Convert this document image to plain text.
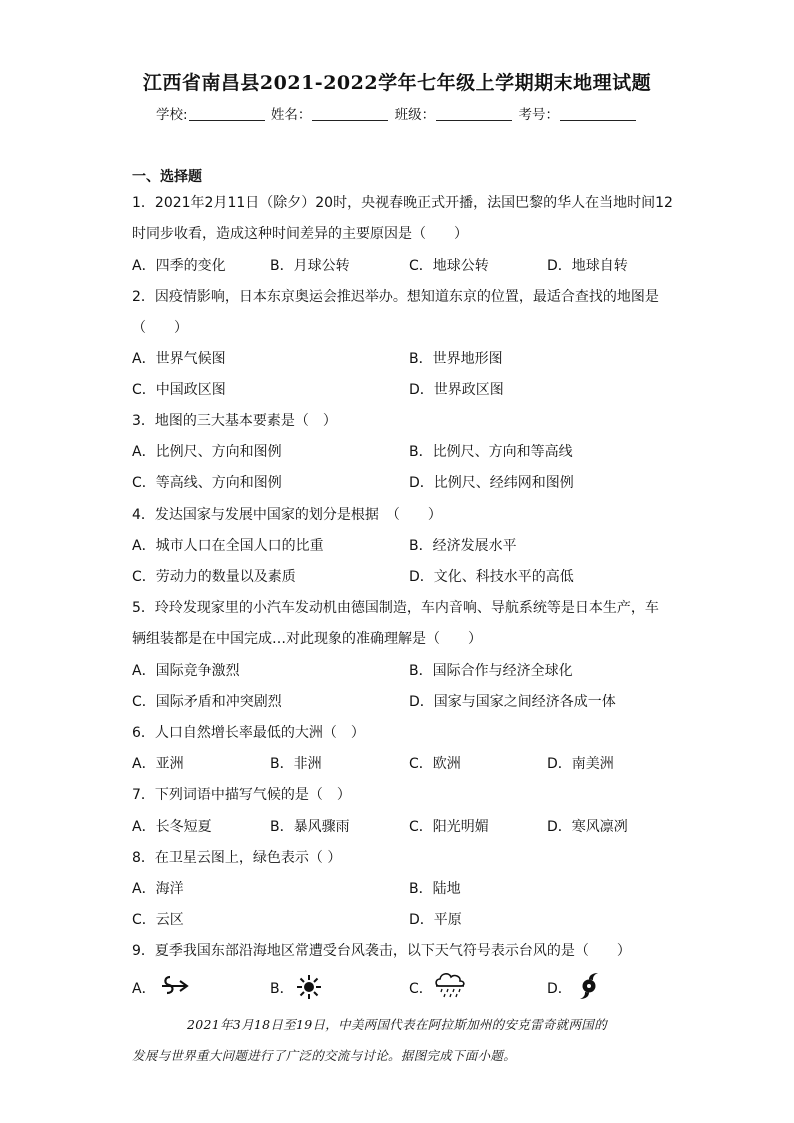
江西省南昌县2021-2022学年七年级上学期期末地理试题
学校:	姓名：	班级：	考号：
一、选择题
1．2021年2月11日（除夕）20时，央视春晚正式开播，法国巴黎的华人在当地时间12
时同步收看，造成这种时间差异的主要原因是（　　）
A．四季的变化	B．月球公转	C．地球公转	D．地球自转
2．因疫情影响，日本东京奥运会推迟举办。想知道东京的位置，最适合查找的地图是
（　　）
A．世界气候图	B．世界地形图
C．中国政区图	D．世界政区图
3．地图的三大基本要素是（　）
A．比例尺、方向和图例	B．比例尺、方向和等高线
C．等高线、方向和图例	D．比例尺、经纬网和图例
4．发达国家与发展中国家的划分是根据　（　　）
A．城市人口在全国人口的比重	B．经济发展水平
C．劳动力的数量以及素质	D．文化、科技水平的高低
5．玲玲发现家里的小汽车发动机由德国制造，车内音响、导航系统等是日本生产，车
辆组装都是在中国完成…对此现象的准确理解是（　　）
A．国际竞争激烈	B．国际合作与经济全球化
C．国际矛盾和冲突剧烈	D．国家与国家之间经济各成一体
6．人口自然增长率最低的大洲（　）
A．亚洲	B．非洲	C．欧洲	D．南美洲
7．下列词语中描写气候的是（　）
A．长冬短夏	B．暴风骤雨	C．阳光明媚	D．寒风凛冽
8．在卫星云图上，绿色表示（ ）
A．海洋	B．陆地
C．云区	D．平原
9．夏季我国东部沿海地区常遭受台风袭击，以下天气符号表示台风的是（　　）
A．	B．	C．	D．
2021年3月18日至19日，中美两国代表在阿拉斯加州的安克雷奇就两国的
发展与世界重大问题进行了广泛的交流与讨论。据图完成下面小题。
